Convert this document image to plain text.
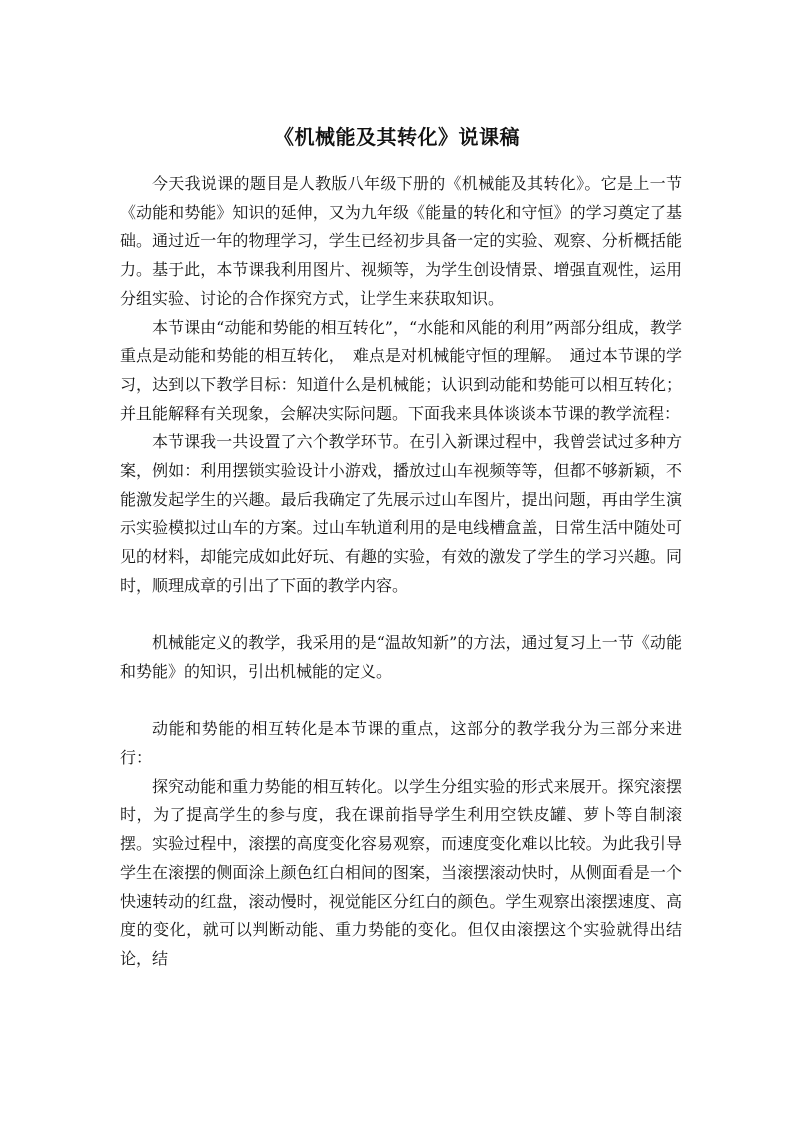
《机械能及其转化》说课稿

今天我说课的题目是人教版八年级下册的《机械能及其转化》。它是上一节《动能和势能》知识的延伸，又为九年级《能量的转化和守恒》的学习奠定了基础。通过近一年的物理学习，学生已经初步具备一定的实验、观察、分析概括能力。基于此，本节课我利用图片、视频等，为学生创设情景、增强直观性，运用分组实验、讨论的合作探究方式，让学生来获取知识。

本节课由“动能和势能的相互转化”，“水能和风能的利用”两部分组成，教学重点是动能和势能的相互转化，　难点是对机械能守恒的理解。　通过本节课的学习，达到以下教学目标：知道什么是机械能；认识到动能和势能可以相互转化；并且能解释有关现象，会解决实际问题。下面我来具体谈谈本节课的教学流程：

本节课我一共设置了六个教学环节。在引入新课过程中，我曾尝试过多种方案，例如：利用摆锁实验设计小游戏，播放过山车视频等等，但都不够新颖，不能激发起学生的兴趣。最后我确定了先展示过山车图片，提出问题，再由学生演示实验模拟过山车的方案。过山车轨道利用的是电线槽盒盖，日常生活中随处可见的材料，却能完成如此好玩、有趣的实验，有效的激发了学生的学习兴趣。同时，顺理成章的引出了下面的教学内容。

机械能定义的教学，我采用的是“温故知新”的方法，通过复习上一节《动能和势能》的知识，引出机械能的定义。

动能和势能的相互转化是本节课的重点，这部分的教学我分为三部分来进行：

探究动能和重力势能的相互转化。以学生分组实验的形式来展开。探究滚摆时，为了提高学生的参与度，我在课前指导学生利用空铁皮罐、萝卜等自制滚摆。实验过程中，滚摆的高度变化容易观察，而速度变化难以比较。为此我引导学生在滚摆的侧面涂上颜色红白相间的图案，当滚摆滚动快时，从侧面看是一个快速转动的红盘，滚动慢时，视觉能区分红白的颜色。学生观察出滚摆速度、高度的变化，就可以判断动能、重力势能的变化。但仅由滚摆这个实验就得出结论，结
